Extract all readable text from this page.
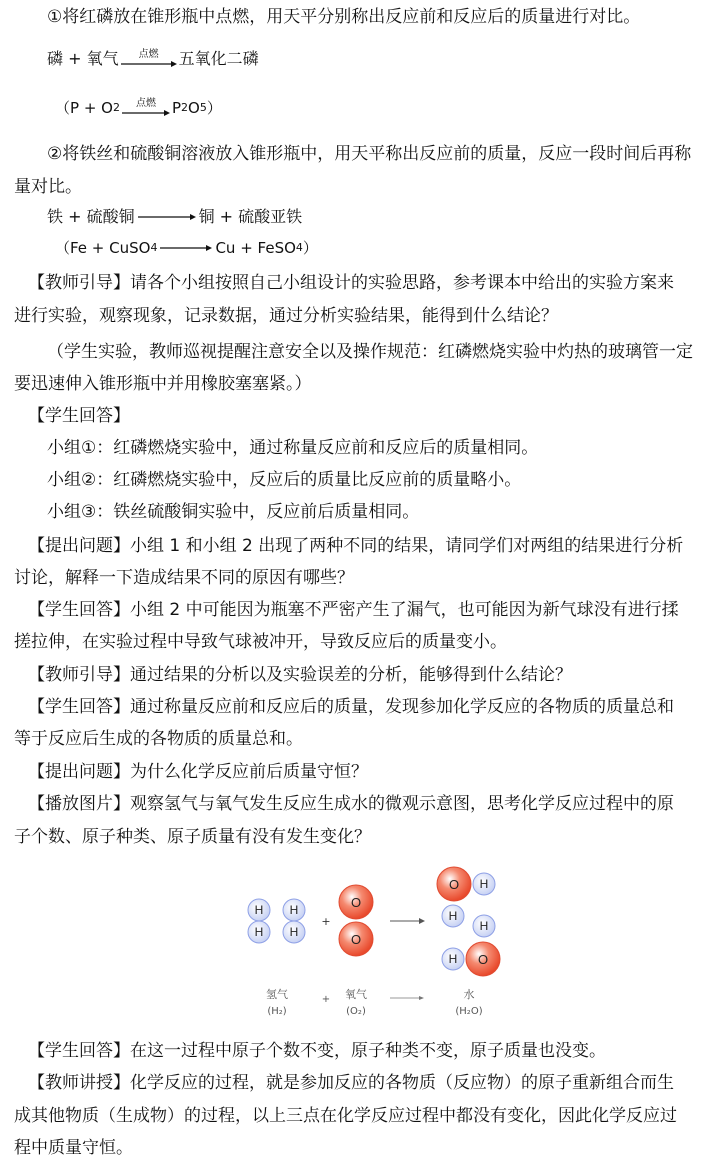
①将红磷放在锥形瓶中点燃，用天平分别称出反应前和反应后的质量进行对比。
磷 + 氧气 点燃 五氧化二磷
（P + O 2 点燃 P 2 O 5 ）
②将铁丝和硫酸铜溶液放入锥形瓶中，用天平称出反应前的质量，反应一段时间后再称
量对比。
铁 + 硫酸铜	铜 + 硫酸亚铁
（Fe + CuSO 4	Cu + FeSO 4 ）
【教师引导】请各个小组按照自己小组设计的实验思路，参考课本中给出的实验方案来
进行实验，观察现象，记录数据，通过分析实验结果，能得到什么结论？
（学生实验，教师巡视提醒注意安全以及操作规范：红磷燃烧实验中灼热的玻璃管一定
要迅速伸入锥形瓶中并用橡胶塞塞紧。）
【学生回答】
小组①：红磷燃烧实验中，通过称量反应前和反应后的质量相同。
小组②：红磷燃烧实验中，反应后的质量比反应前的质量略小。
小组③：铁丝硫酸铜实验中，反应前后质量相同。
【提出问题】小组 1 和小组 2 出现了两种不同的结果，请同学们对两组的结果进行分析
讨论，解释一下造成结果不同的原因有哪些？
【学生回答】小组 2 中可能因为瓶塞不严密产生了漏气，也可能因为新气球没有进行揉
搓拉伸，在实验过程中导致气球被冲开，导致反应后的质量变小。
【教师引导】通过结果的分析以及实验误差的分析，能够得到什么结论？
【学生回答】通过称量反应前和反应后的质量，发现参加化学反应的各物质的质量总和
等于反应后生成的各物质的质量总和。
【提出问题】为什么化学反应前后质量守恒？
【播放图片】观察氢气与氧气发生反应生成水的微观示意图，思考化学反应过程中的原
子个数、原子种类、原子质量有没有发生变化？
H
H
H
H
+
O
O
O H
H
H
O
H
氢气
(H₂)
+ 氧气
(O₂)
水
(H₂O)
【学生回答】在这一过程中原子个数不变，原子种类不变，原子质量也没变。
【教师讲授】化学反应的过程，就是参加反应的各物质（反应物）的原子重新组合而生
成其他物质（生成物）的过程，以上三点在化学反应过程中都没有变化，因此化学反应过
程中质量守恒。
